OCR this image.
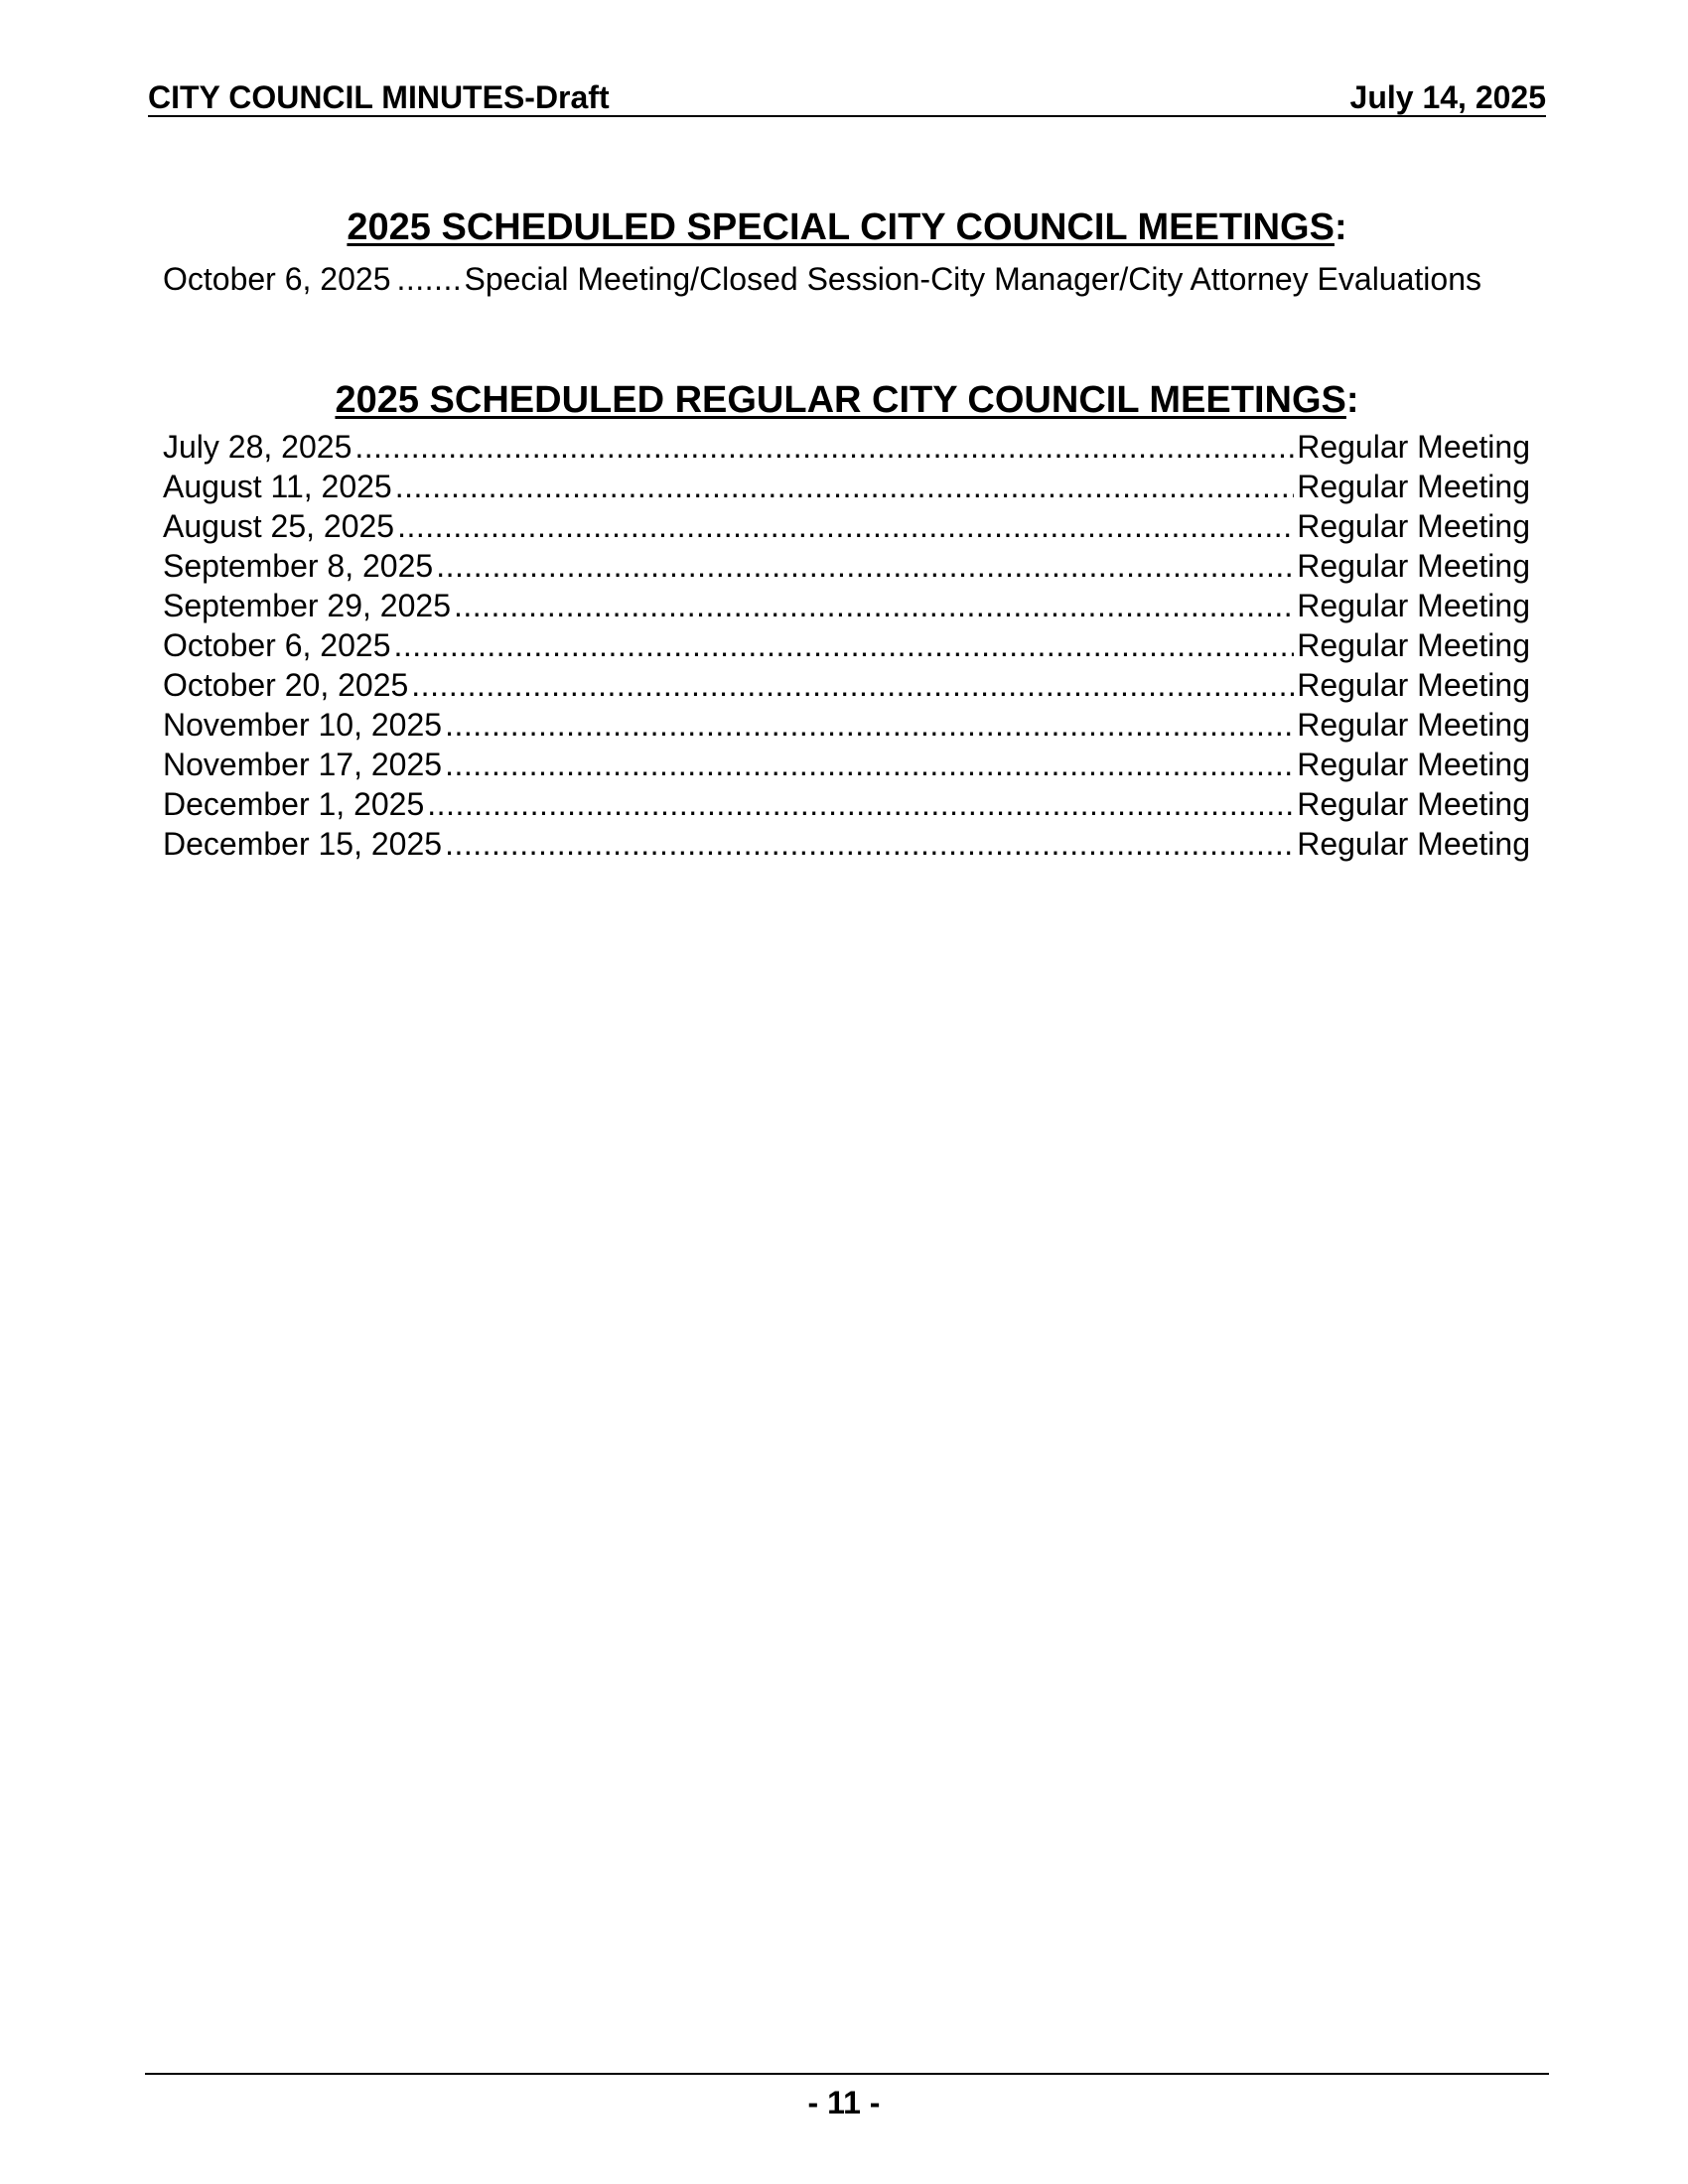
CITY COUNCIL MINUTES-Draft	July 14, 2025
2025 SCHEDULED SPECIAL CITY COUNCIL MEETINGS:
October 6, 2025 ..... Special Meeting/Closed Session-City Manager/City Attorney Evaluations
2025 SCHEDULED REGULAR CITY COUNCIL MEETINGS:
July 28, 2025 .....	Regular Meeting
August 11, 2025 .....	Regular Meeting
August 25, 2025 .....	Regular Meeting
September 8, 2025 .....	Regular Meeting
September 29, 2025 .....	Regular Meeting
October 6, 2025 .....	Regular Meeting
October 20, 2025 .....	Regular Meeting
November 10, 2025 .....	Regular Meeting
November 17, 2025 .....	Regular Meeting
December 1, 2025 .....	Regular Meeting
December 15, 2025 .....	Regular Meeting
- 11 -
